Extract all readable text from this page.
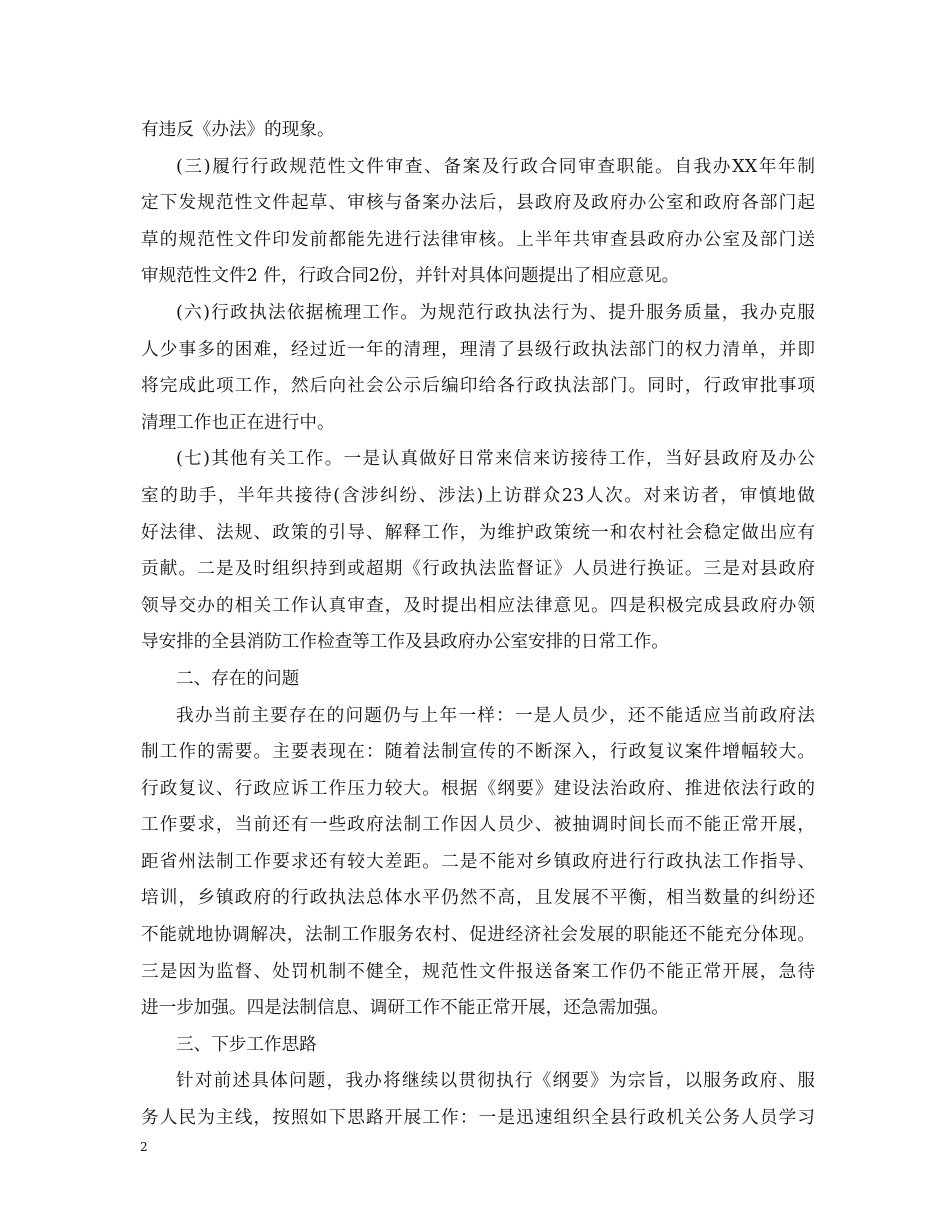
有违反《办法》的现象。
(三)履行行政规范性文件审查、备案及行政合同审查职能。自我办XX年年制
定下发规范性文件起草、审核与备案办法后，县政府及政府办公室和政府各部门起
草的规范性文件印发前都能先进行法律审核。上半年共审查县政府办公室及部门送
审规范性文件2 件，行政合同2份，并针对具体问题提出了相应意见。
(六)行政执法依据梳理工作。为规范行政执法行为、提升服务质量，我办克服
人少事多的困难，经过近一年的清理，理清了县级行政执法部门的权力清单，并即
将完成此项工作，然后向社会公示后编印给各行政执法部门。同时，行政审批事项
清理工作也正在进行中。
(七)其他有关工作。一是认真做好日常来信来访接待工作，当好县政府及办公
室的助手，半年共接待(含涉纠纷、涉法)上访群众23人次。对来访者，审慎地做
好法律、法规、政策的引导、解释工作，为维护政策统一和农村社会稳定做出应有
贡献。二是及时组织持到或超期《行政执法监督证》人员进行换证。三是对县政府
领导交办的相关工作认真审查，及时提出相应法律意见。四是积极完成县政府办领
导安排的全县消防工作检查等工作及县政府办公室安排的日常工作。
二、存在的问题
我办当前主要存在的问题仍与上年一样：一是人员少，还不能适应当前政府法
制工作的需要。主要表现在：随着法制宣传的不断深入，行政复议案件增幅较大。
行政复议、行政应诉工作压力较大。根据《纲要》建设法治政府、推进依法行政的
工作要求，当前还有一些政府法制工作因人员少、被抽调时间长而不能正常开展，
距省州法制工作要求还有较大差距。二是不能对乡镇政府进行行政执法工作指导、
培训，乡镇政府的行政执法总体水平仍然不高，且发展不平衡，相当数量的纠纷还
不能就地协调解决，法制工作服务农村、促进经济社会发展的职能还不能充分体现。
三是因为监督、处罚机制不健全，规范性文件报送备案工作仍不能正常开展，急待
进一步加强。四是法制信息、调研工作不能正常开展，还急需加强。
三、下步工作思路
针对前述具体问题，我办将继续以贯彻执行《纲要》为宗旨，以服务政府、服
务人民为主线，按照如下思路开展工作：一是迅速组织全县行政机关公务人员学习
2
